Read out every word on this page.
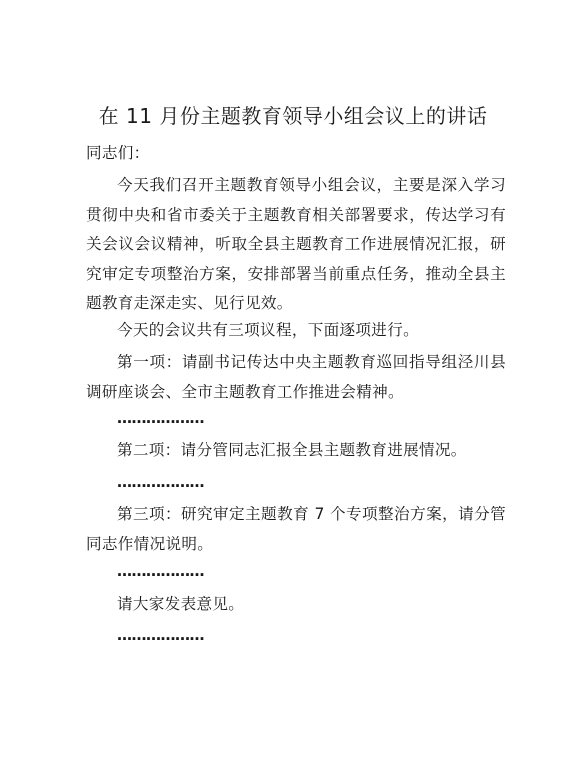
在 11 月份主题教育领导小组会议上的讲话

同志们：

今天我们召开主题教育领导小组会议，主要是深入学习贯彻中央和省市委关于主题教育相关部署要求，传达学习有关会议会议精神，听取全县主题教育工作进展情况汇报，研究审定专项整治方案，安排部署当前重点任务，推动全县主题教育走深走实、见行见效。

今天的会议共有三项议程，下面逐项进行。

第一项：请副书记传达中央主题教育巡回指导组泾川县调研座谈会、全市主题教育工作推进会精神。

………………

第二项：请分管同志汇报全县主题教育进展情况。

………………

第三项：研究审定主题教育 7 个专项整治方案，请分管同志作情况说明。

………………

请大家发表意见。

………………
